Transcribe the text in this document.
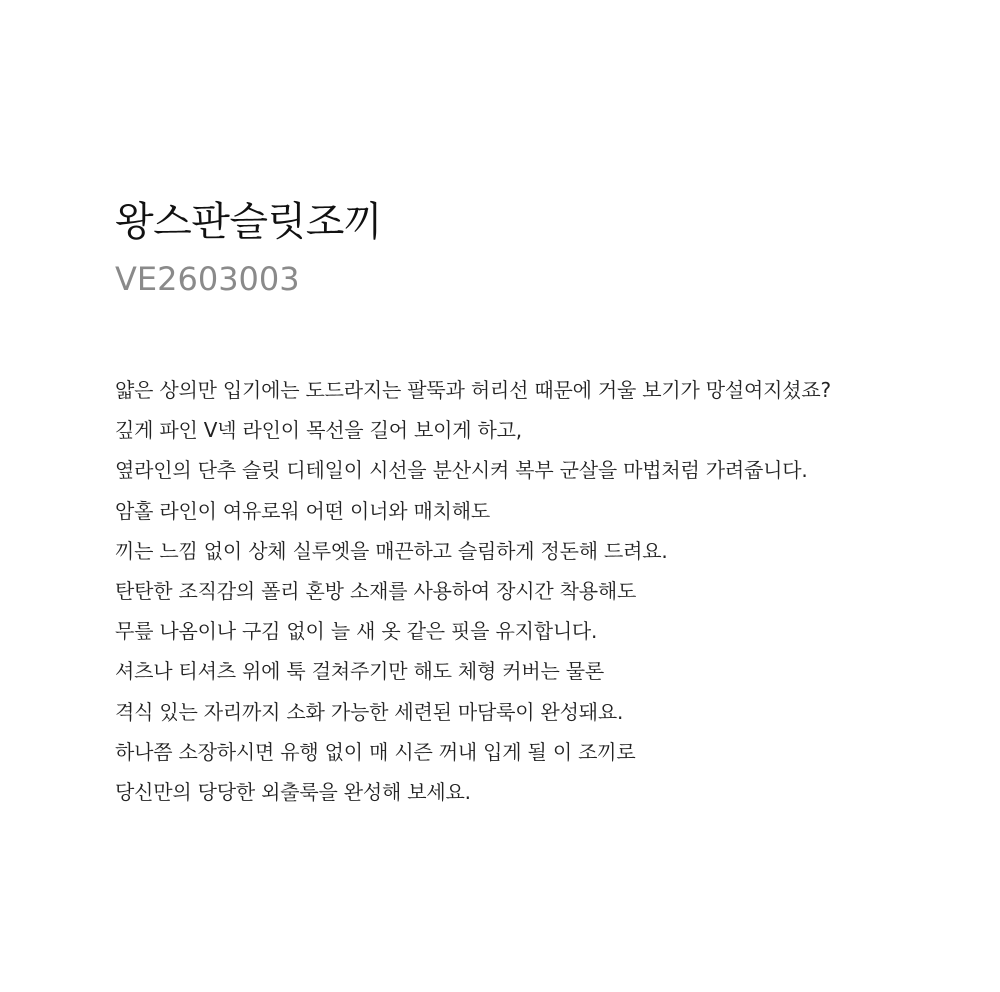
왕스판슬릿조끼
VE2603003
얇은 상의만 입기에는 도드라지는 팔뚝과 허리선 때문에 거울 보기가 망설여지셨죠?
깊게 파인 V넥 라인이 목선을 길어 보이게 하고,
옆라인의 단추 슬릿 디테일이 시선을 분산시켜 복부 군살을 마법처럼 가려줍니다.
암홀 라인이 여유로워 어떤 이너와 매치해도
끼는 느낌 없이 상체 실루엣을 매끈하고 슬림하게 정돈해 드려요.
탄탄한 조직감의 폴리 혼방 소재를 사용하여 장시간 착용해도
무릎 나옴이나 구김 없이 늘 새 옷 같은 핏을 유지합니다.
셔츠나 티셔츠 위에 툭 걸쳐주기만 해도 체형 커버는 물론
격식 있는 자리까지 소화 가능한 세련된 마담룩이 완성돼요.
하나쯤 소장하시면 유행 없이 매 시즌 꺼내 입게 될 이 조끼로
당신만의 당당한 외출룩을 완성해 보세요.
